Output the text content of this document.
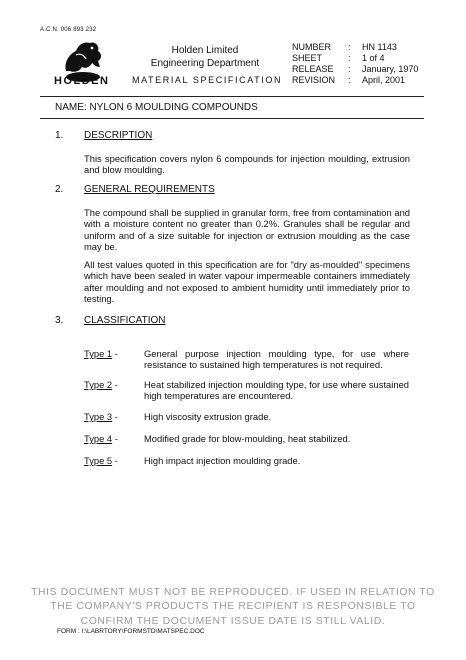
A.C.N. 006 893 232
HOLDEN
Holden Limited
Engineering Department
MATERIAL SPECIFICATION
NUMBER	:	HN 1143
SHEET	:	1 of 4
RELEASE	:	January, 1970
REVISION	:	April, 2001
NAME: NYLON 6 MOULDING COMPOUNDS
1. DESCRIPTION
This specification covers nylon 6 compounds for injection moulding, extrusion and blow moulding.
2. GENERAL REQUIREMENTS
The compound shall be supplied in granular form, free from contamination and with a moisture content no greater than 0.2%. Granules shall be regular and uniform and of a size suitable for injection or extrusion moulding as the case may be.
All test values quoted in this specification are for "dry as-moulded" specimens which have been sealed in water vapour impermeable containers immediately after moulding and not exposed to ambient humidity until immediately prior to testing.
3. CLASSIFICATION
Type 1 -	General purpose injection moulding type, for use where resistance to sustained high temperatures is not required.
Type 2 -	Heat stabilized injection moulding type, for use where sustained high temperatures are encountered.
Type 3 -	High viscosity extrusion grade.
Type 4 -	Modified grade for blow-moulding, heat stabilized.
Type 5 -	High impact injection moulding grade.
THIS DOCUMENT MUST NOT BE REPRODUCED. IF USED IN RELATION TO
THE COMPANY'S PRODUCTS THE RECIPIENT IS RESPONSIBLE TO
CONFIRM THE DOCUMENT ISSUE DATE IS STILL VALID.
FORM : I:\LABRTORY\FORMSTD\MATSPEC.DOC
